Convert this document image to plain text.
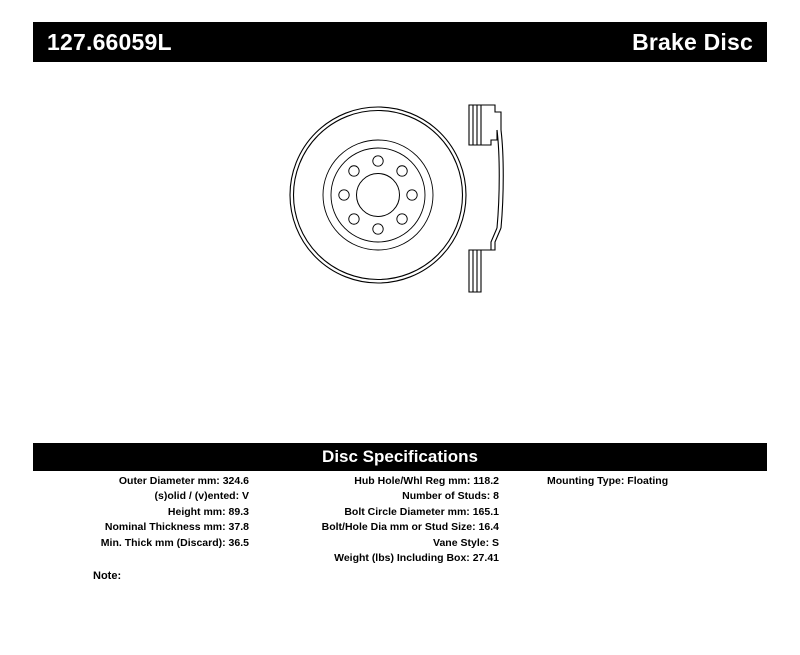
127.66059L	Brake Disc
Disc Specifications
Outer Diameter mm: 324.6
(s)olid / (v)ented: V
Height mm: 89.3
Nominal Thickness mm: 37.8
Min. Thick mm (Discard): 36.5
Hub Hole/Whl Reg mm: 118.2
Number of Studs: 8
Bolt Circle Diameter mm: 165.1
Bolt/Hole Dia mm or Stud Size: 16.4
Vane Style: S
Weight (lbs) Including Box: 27.41
Mounting Type: Floating
Note:
